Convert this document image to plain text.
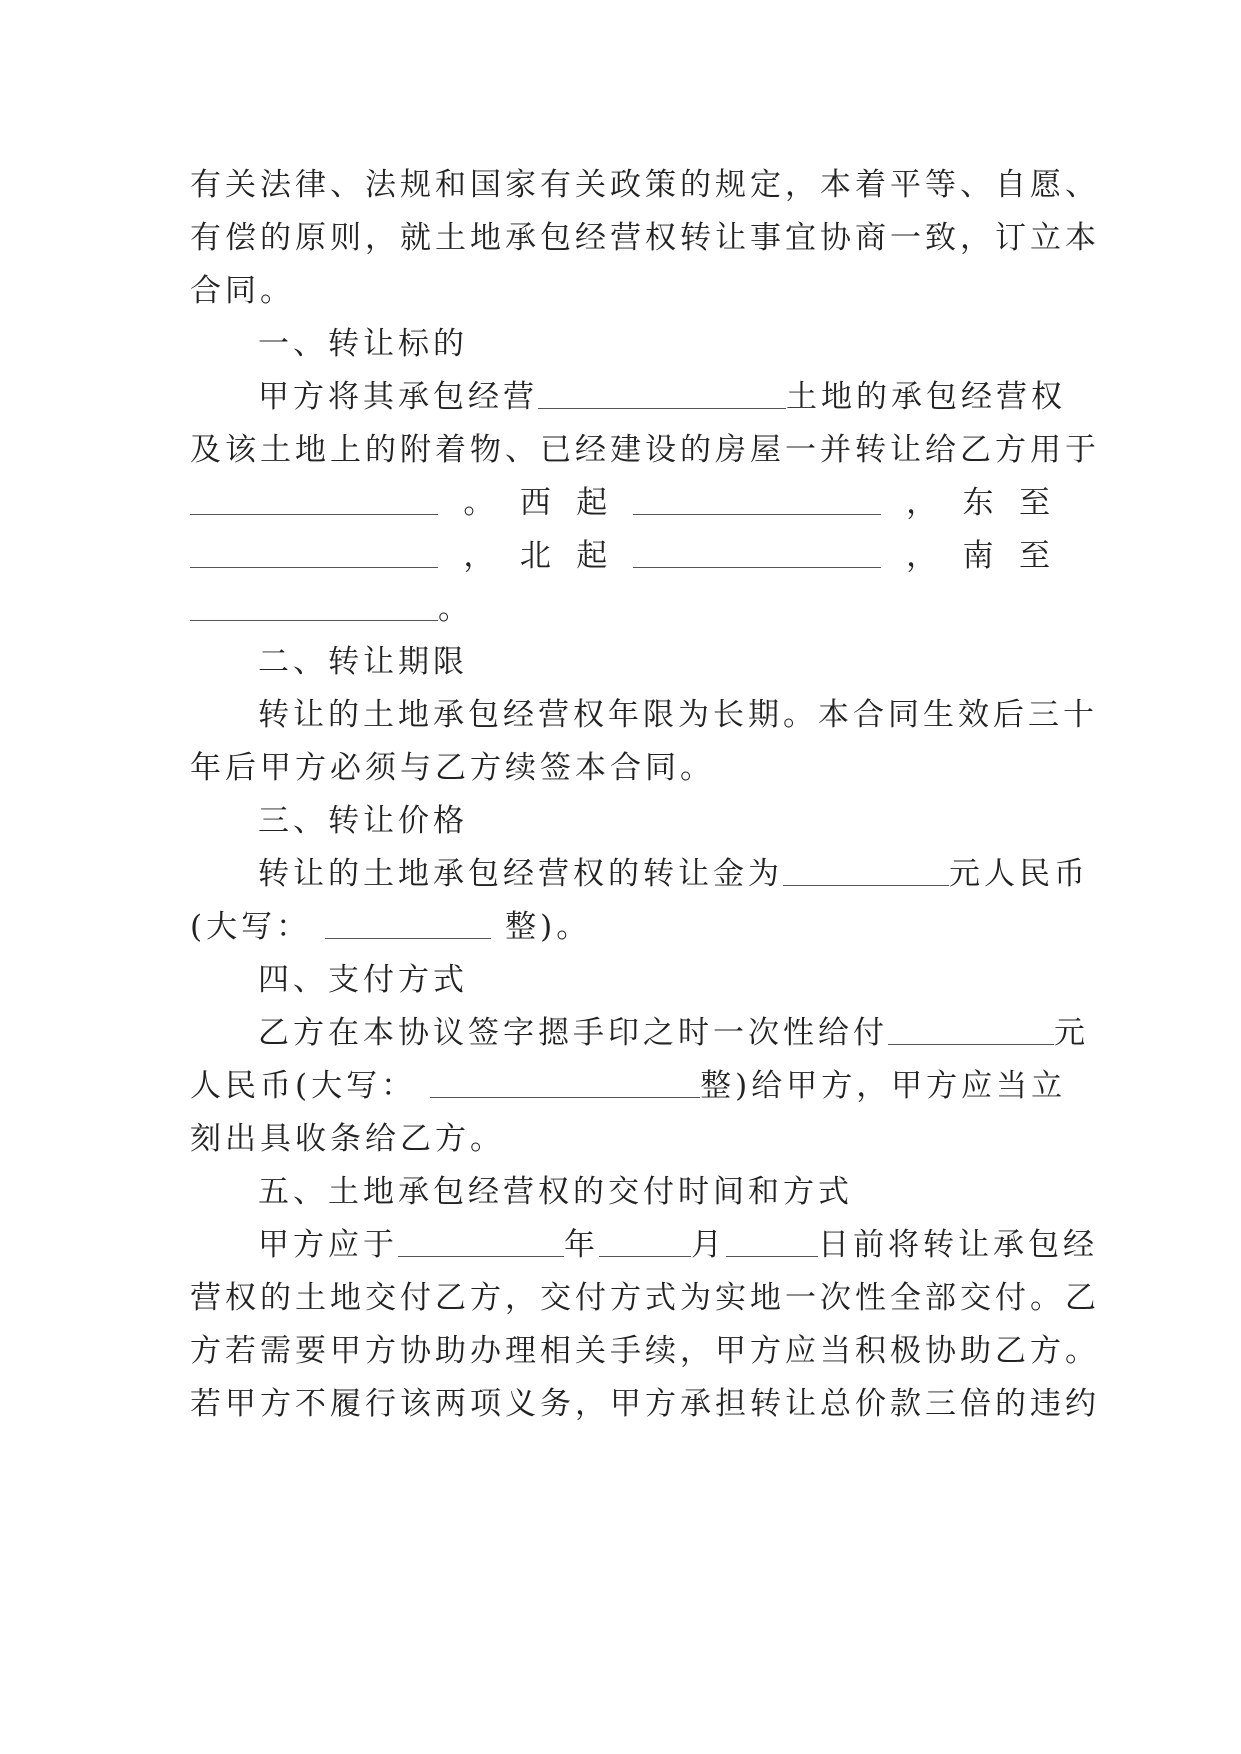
有关法律、法规和国家有关政策的规定，本着平等、自愿、
有偿的原则，就土地承包经营权转让事宜协商一致，订立本
合同。
一、转让标的
甲方将其承包经营	土地的承包经营权
及该土地上的附着物、已经建设的房屋一并转让给乙方用于
。 西 起	， 东 至
， 北 起	， 南 至
。
二、转让期限
转让的土地承包经营权年限为长期。本合同生效后三十
年后甲方必须与乙方续签本合同。
三、转让价格
转让的土地承包经营权的转让金为	元人民币
(大写：	整)。
四、支付方式
乙方在本协议签字摁手印之时一次性给付	元
人民币(大写：	整)给甲方，甲方应当立
刻出具收条给乙方。
五、土地承包经营权的交付时间和方式
甲方应于	年	月	日前将转让承包经
营权的土地交付乙方，交付方式为实地一次性全部交付。乙
方若需要甲方协助办理相关手续，甲方应当积极协助乙方。
若甲方不履行该两项义务，甲方承担转让总价款三倍的违约
